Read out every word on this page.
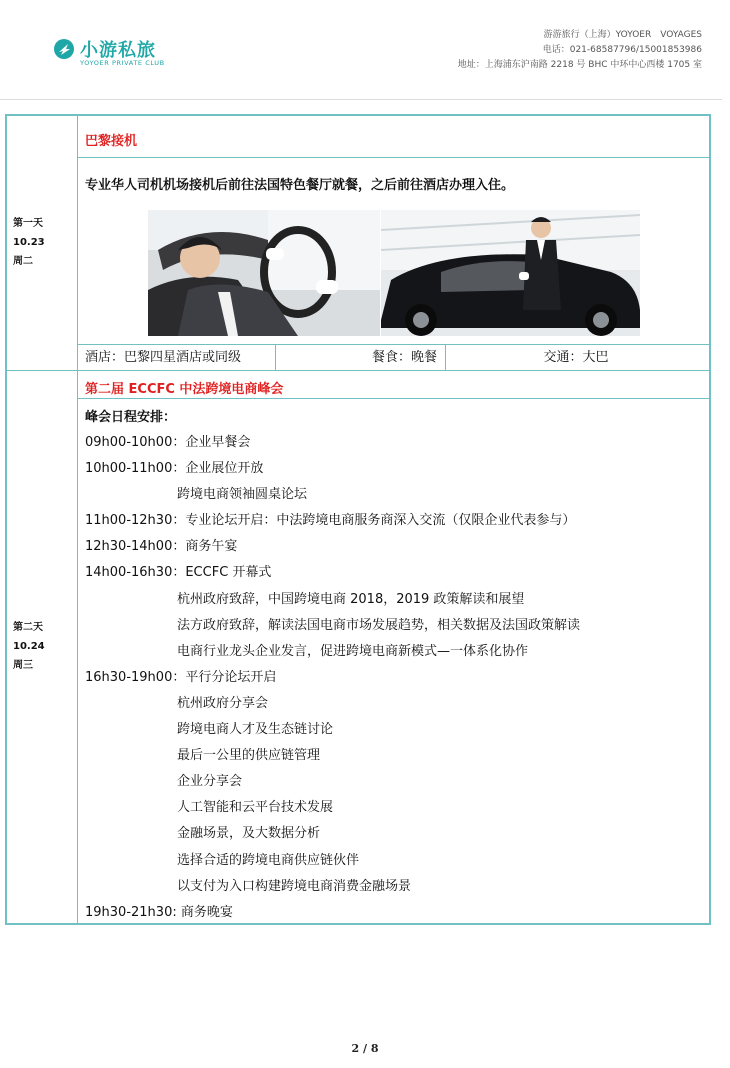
小游私旅
YOYOER PRIVATE CLUB
游游旅行（上海）YOYOER　VOYAGES
电话：021-68587796/15001853986
地址：上海浦东沪南路 2218 号 BHC 中环中心西楼 1705 室
第一天
10.23
周二
巴黎接机
专业华人司机机场接机后前往法国特色餐厅就餐，之后前往酒店办理入住。
酒店：巴黎四星酒店或同级	餐食：晚餐	交通：大巴
第二天
10.24
周三
第二届 ECCFC 中法跨境电商峰会
峰会日程安排：
09h00-10h00：企业早餐会
10h00-11h00：企业展位开放
跨境电商领袖圆桌论坛
11h00-12h30：专业论坛开启：中法跨境电商服务商深入交流（仅限企业代表参与）
12h30-14h00：商务午宴
14h00-16h30：ECCFC 开幕式
杭州政府致辞，中国跨境电商 2018，2019 政策解读和展望
法方政府致辞，解读法国电商市场发展趋势，相关数据及法国政策解读
电商行业龙头企业发言，促进跨境电商新模式—一体系化协作
16h30-19h00：平行分论坛开启
杭州政府分享会
跨境电商人才及生态链讨论
最后一公里的供应链管理
企业分享会
人工智能和云平台技术发展
金融场景，及大数据分析
选择合适的跨境电商供应链伙伴
以支付为入口构建跨境电商消费金融场景
19h30-21h30: 商务晚宴
2 / 8
